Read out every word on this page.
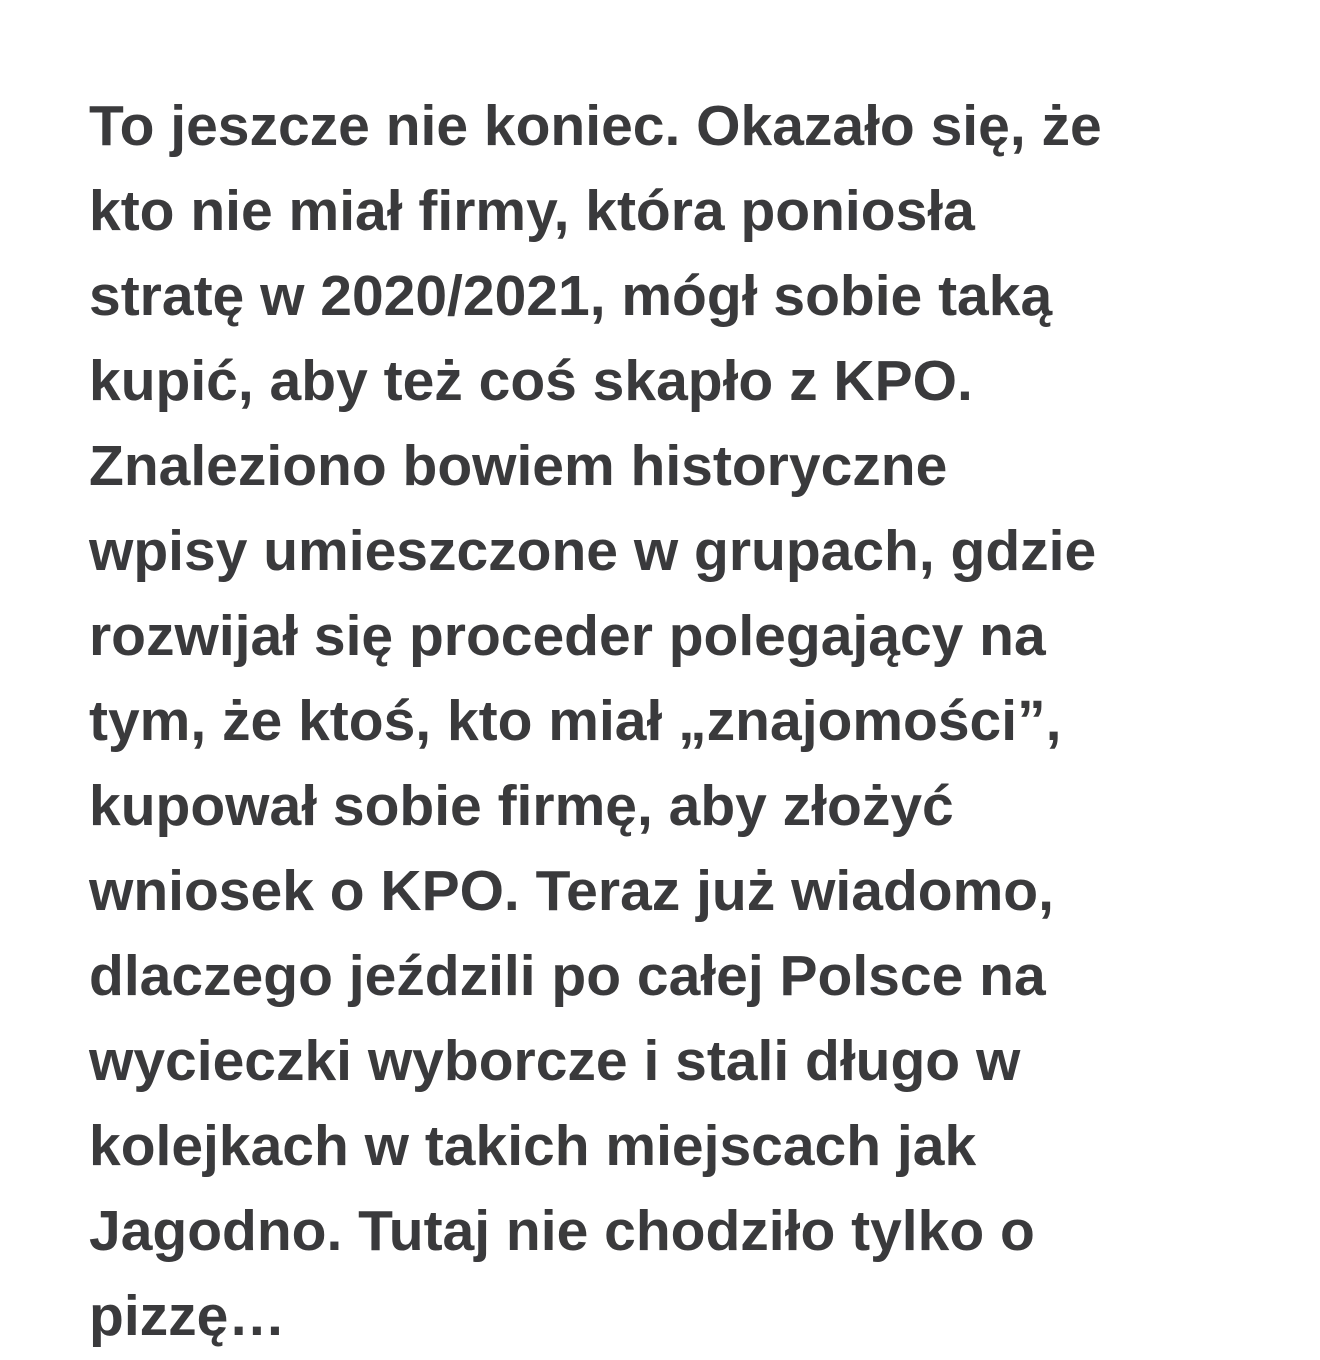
To jeszcze nie koniec. Okazało się, że
kto nie miał firmy, która poniosła
stratę w 2020/2021, mógł sobie taką
kupić, aby też coś skapło z KPO.
Znaleziono bowiem historyczne
wpisy umieszczone w grupach, gdzie
rozwijał się proceder polegający na
tym, że ktoś, kto miał „znajomości”,
kupował sobie firmę, aby złożyć
wniosek o KPO. Teraz już wiadomo,
dlaczego jeździli po całej Polsce na
wycieczki wyborcze i stali długo w
kolejkach w takich miejscach jak
Jagodno. Tutaj nie chodziło tylko o
pizzę…
